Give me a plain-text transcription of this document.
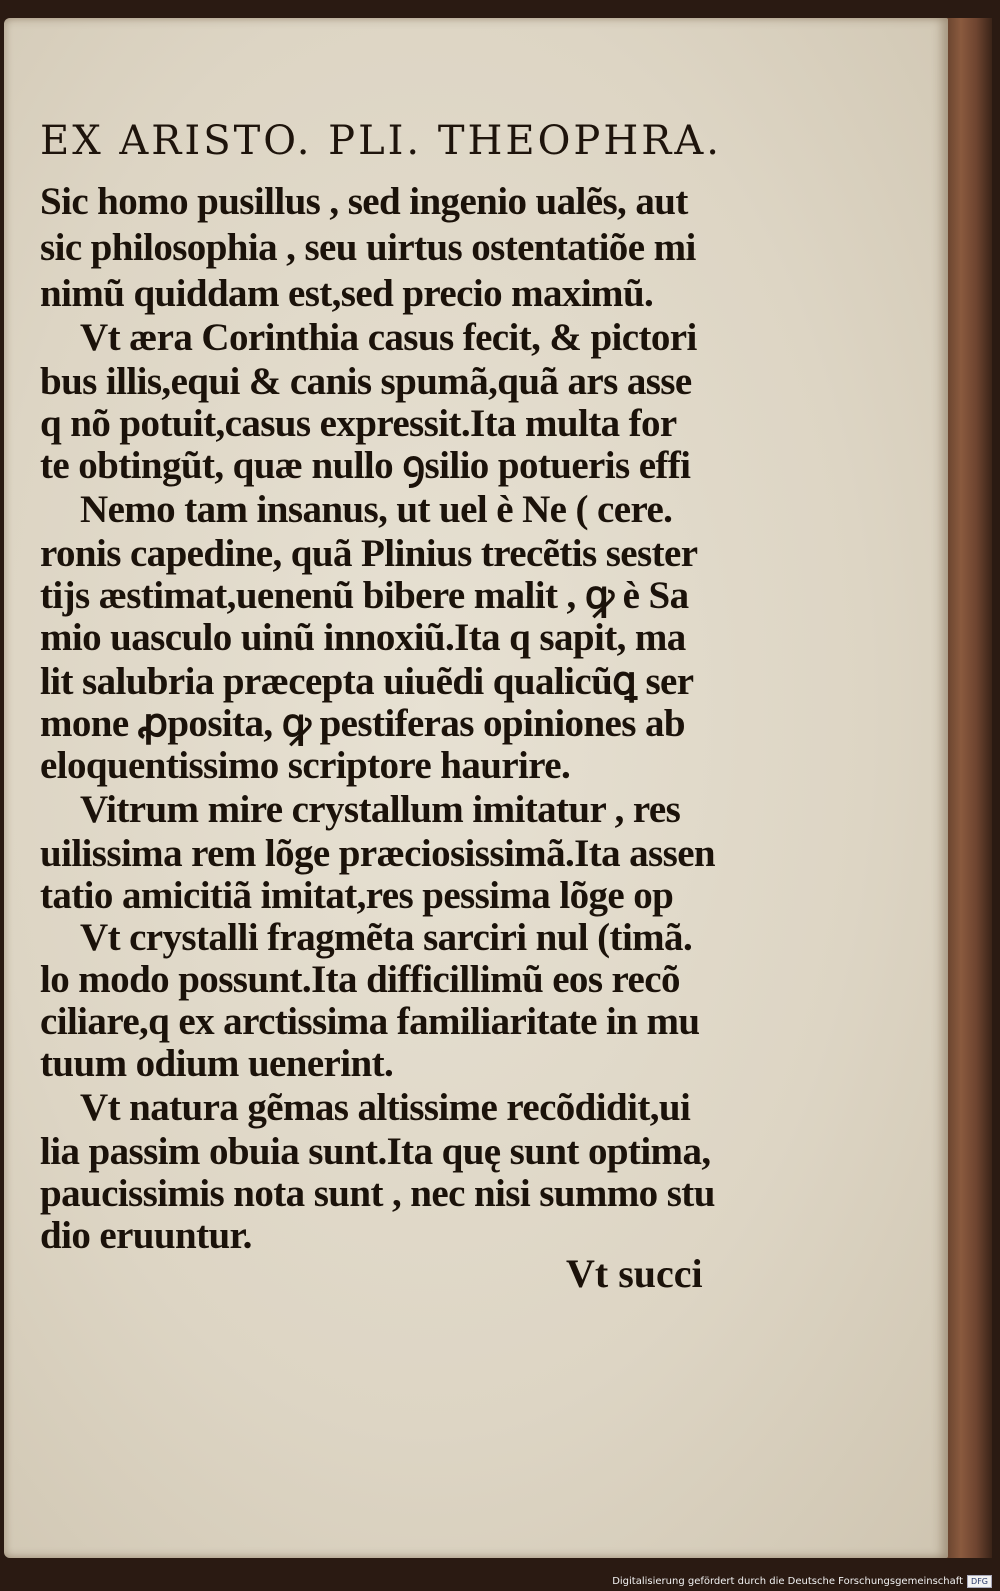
EX ARISTO. PLI. THEOPHRA.
Sic homo pusillus , sed ingenio ualẽs, aut
sic philosophia , seu uirtus ostentatiõe mi
nimũ quiddam est,sed precio maximũ.
Vt æra Corinthia casus fecit, & pictori
bus illis,equi & canis spumã,quã ars asse
q nõ potuit,casus expressit.Ita multa for
te obtingũt, quæ nullo ꝯsilio potueris effi
Nemo tam insanus, ut uel è Ne ( cere.
ronis capedine, quã Plinius trecẽtis sester
tijs æstimat,uenenũ bibere malit , ꝙ è Sa
mio uasculo uinũ innoxiũ.Ita q sapit, ma
lit salubria præcepta uiuẽdi qualicũꝗ ser
mone ꝓposita, ꝙ pestiferas opiniones ab
eloquentissimo scriptore haurire.
Vitrum mire crystallum imitatur , res
uilissima rem lõge præciosissimã.Ita assen
tatio amicitiã imitat,res pessima lõge op
Vt crystalli fragmẽta sarciri nul (timã.
lo modo possunt.Ita difficillimũ eos recõ
ciliare,q ex arctissima familiaritate in mu
tuum odium uenerint.
Vt natura gẽmas altissime recõdidit,ui
lia passim obuia sunt.Ita quę sunt optima,
paucissimis nota sunt , nec nisi summo stu
dio eruuntur.
Vt succi
Digitalisierung gefördert durch die Deutsche Forschungsgemeinschaft	DFG
